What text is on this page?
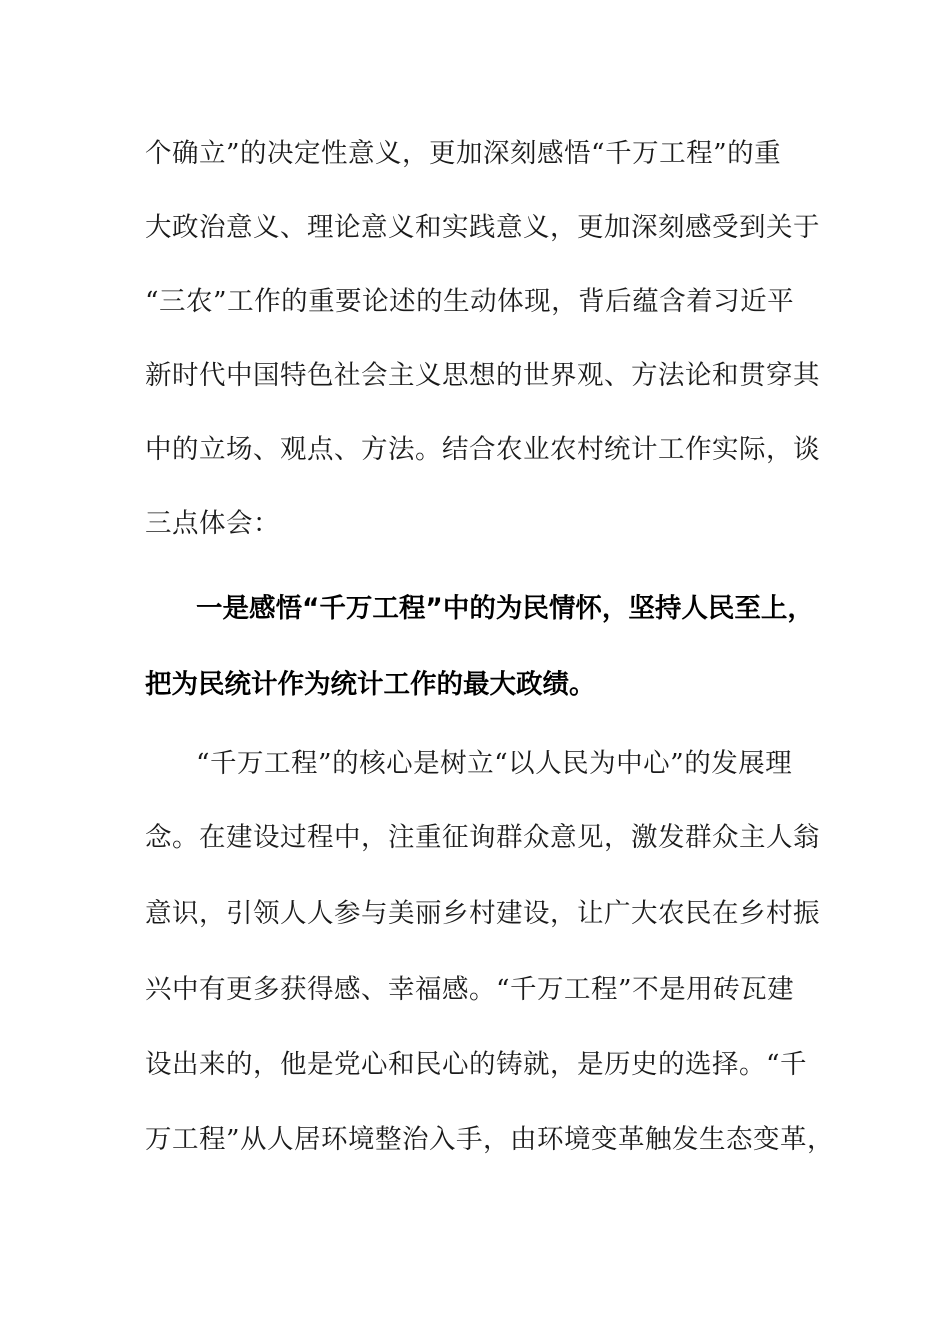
个确立”的决定性意义，更加深刻感悟“千万工程”的重
大政治意义、理论意义和实践意义，更加深刻感受到关于
“三农”工作的重要论述的生动体现，背后蕴含着习近平
新时代中国特色社会主义思想的世界观、方法论和贯穿其
中的立场、观点、方法。结合农业农村统计工作实际，谈
三点体会：
一是感悟“千万工程”中的为民情怀，坚持人民至上，
把为民统计作为统计工作的最大政绩。
“千万工程”的核心是树立“以人民为中心”的发展理
念。在建设过程中，注重征询群众意见，激发群众主人翁
意识，引领人人参与美丽乡村建设，让广大农民在乡村振
兴中有更多获得感、幸福感。“千万工程”不是用砖瓦建
设出来的，他是党心和民心的铸就，是历史的选择。“千
万工程”从人居环境整治入手，由环境变革触发生态变革，
